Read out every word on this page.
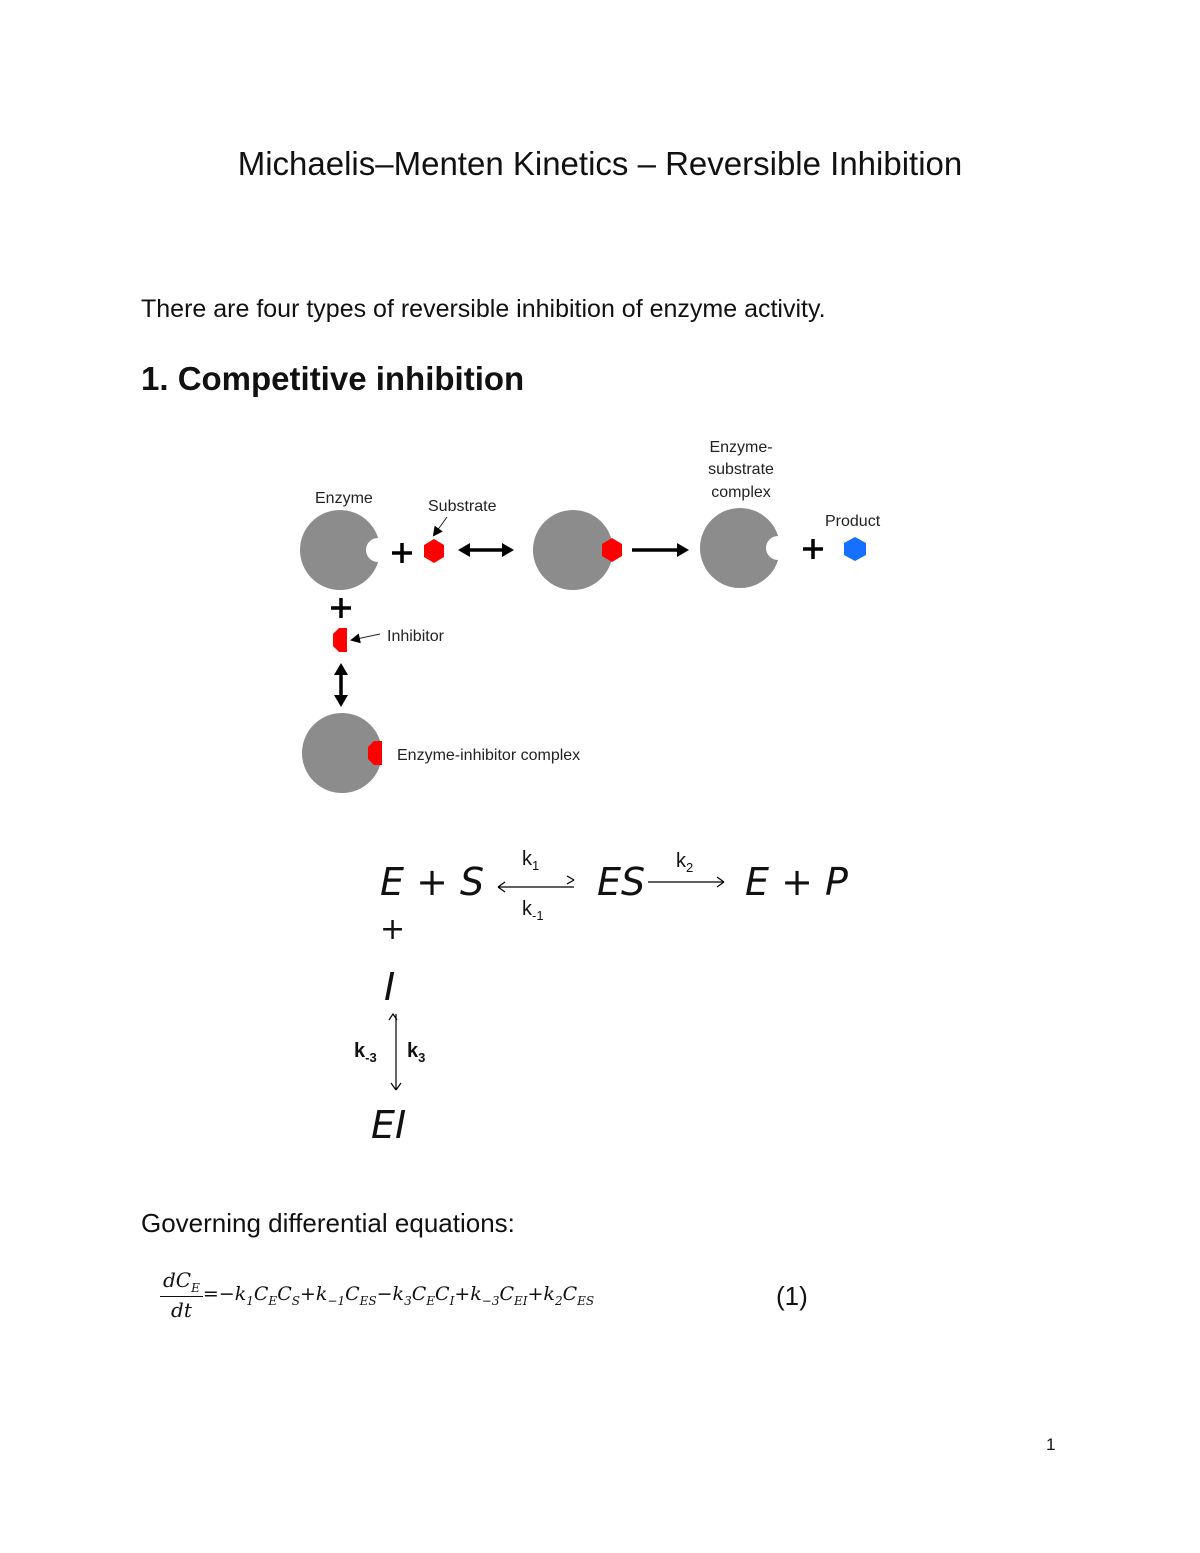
Michaelis–Menten Kinetics – Reversible Inhibition
There are four types of reversible inhibition of enzyme activity.
1. Competitive inhibition
Enzyme	Substrate
Enzyme-
substrate
complex
Product
Inhibitor
Enzyme-inhibitor complex
E + S
$k_1$
$k_{-1}$
ES $k_2$ E + P
+
I
$k_{-3}$ $k_3$
EI
Governing differential equations:
$\frac{dC_E}{dt} =-k_1C_EC_S+k_{-1}C_{ES}-k_3C_EC_I+k_{-3}C_{EI}+k_2C_{ES}$	(1)
1
